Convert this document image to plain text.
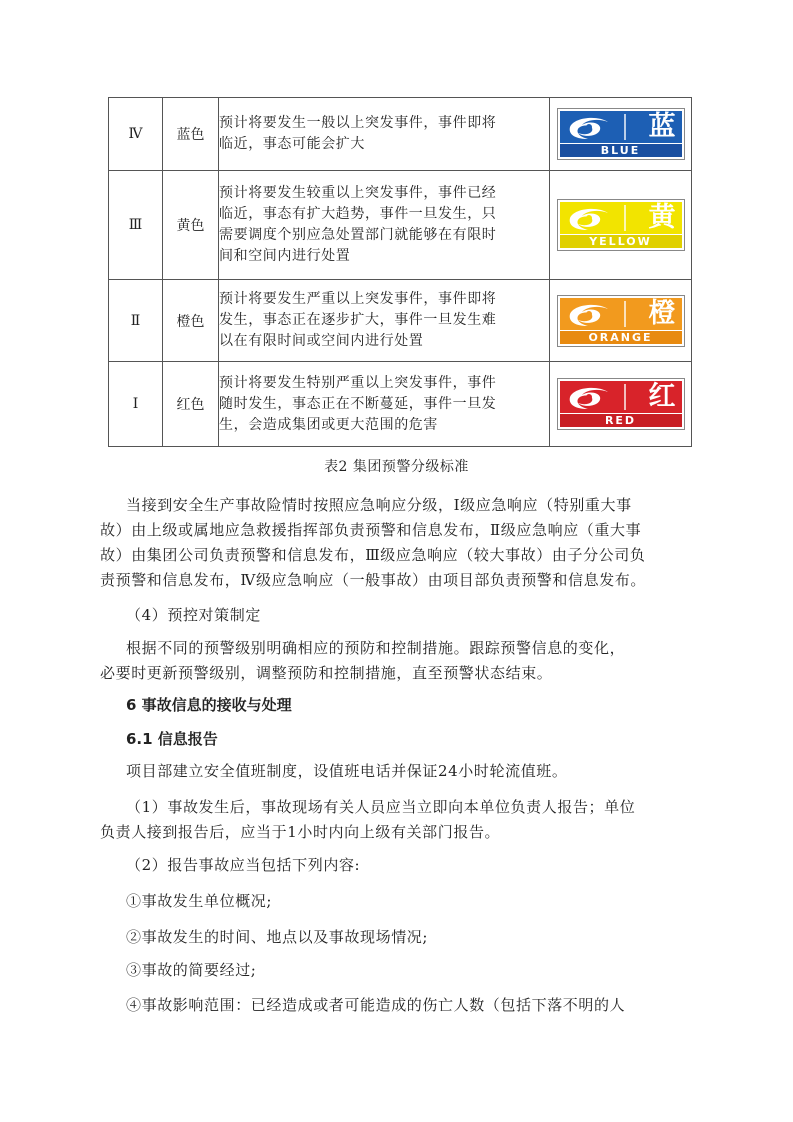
Ⅳ	蓝色	预计将要发生一般以上突发事件，事件即将
临近，事态可能会扩大	蓝
BLUE

Ⅲ	黄色	预计将要发生较重以上突发事件，事件已经
临近，事态有扩大趋势，事件一旦发生，只
需要调度个别应急处置部门就能够在有限时
间和空间内进行处置	黄
YELLOW

Ⅱ	橙色	预计将要发生严重以上突发事件，事件即将
发生，事态正在逐步扩大，事件一旦发生难
以在有限时间或空间内进行处置	橙
ORANGE

Ⅰ	红色	预计将要发生特别严重以上突发事件，事件
随时发生，事态正在不断蔓延，事件一旦发
生，会造成集团或更大范围的危害	红
RED
表2 集团预警分级标准

当接到安全生产事故险情时按照应急响应分级，Ⅰ级应急响应（特别重大事
故）由上级或属地应急救援指挥部负责预警和信息发布，Ⅱ级应急响应（重大事
故）由集团公司负责预警和信息发布，Ⅲ级应急响应（较大事故）由子分公司负
责预警和信息发布，Ⅳ级应急响应（一般事故）由项目部负责预警和信息发布。

（4）预控对策制定

根据不同的预警级别明确相应的预防和控制措施。跟踪预警信息的变化，
必要时更新预警级别，调整预防和控制措施，直至预警状态结束。

6 事故信息的接收与处理
6.1 信息报告

项目部建立安全值班制度，设值班电话并保证24小时轮流值班。

（1）事故发生后，事故现场有关人员应当立即向本单位负责人报告；单位
负责人接到报告后，应当于1小时内向上级有关部门报告。

（2）报告事故应当包括下列内容:

①事故发生单位概况;

②事故发生的时间、地点以及事故现场情况;

③事故的简要经过;

④事故影响范围：已经造成或者可能造成的伤亡人数（包括下落不明的人
